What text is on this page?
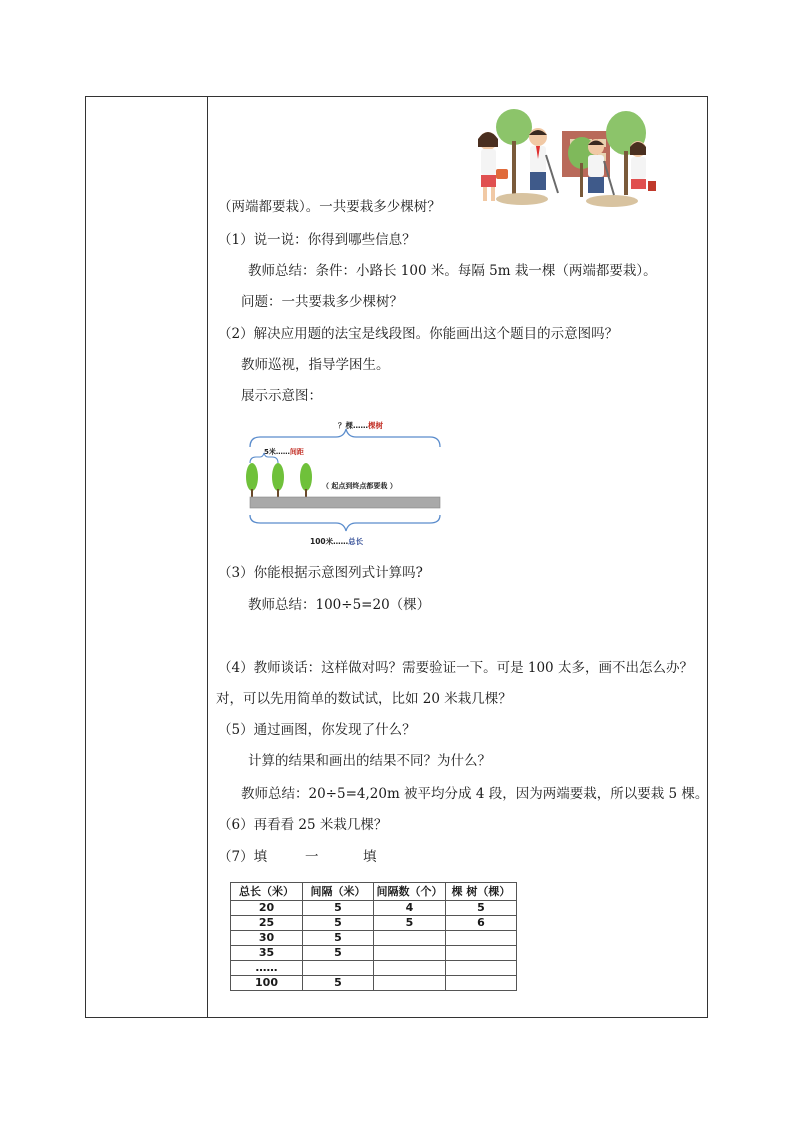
（两端都要栽）。一共要栽多少棵树？
（1）说一说：你得到哪些信息？
教师总结：条件：小路长 100 米。每隔 5m 栽一棵（两端都要栽）。
问题：一共要栽多少棵树？
（2）解决应用题的法宝是线段图。你能画出这个题目的示意图吗？
教师巡视，指导学困生。
展示示意图：
？棵……棵树
5米……间距
（ 起点到终点都要栽 ）
100米……总长
（3）你能根据示意图列式计算吗?
教师总结：100÷5=20（棵）
（4）教师谈话：这样做对吗？需要验证一下。可是 100 太多，画不出怎么办？
对，可以先用简单的数试试，比如 20 米栽几棵？
（5）通过画图，你发现了什么？
计算的结果和画出的结果不同？为什么？
教师总结：20÷5=4,20m 被平均分成 4 段，因为两端要栽，所以要栽 5 棵。
（6）再看看 25 米栽几棵？
（7）填	一	填
总长（米）	间隔（米）	间隔数（个）	棵 树（棵）
20	5	4	5
25	5	5	6
30	5		
35	5		
……			
100	5		
